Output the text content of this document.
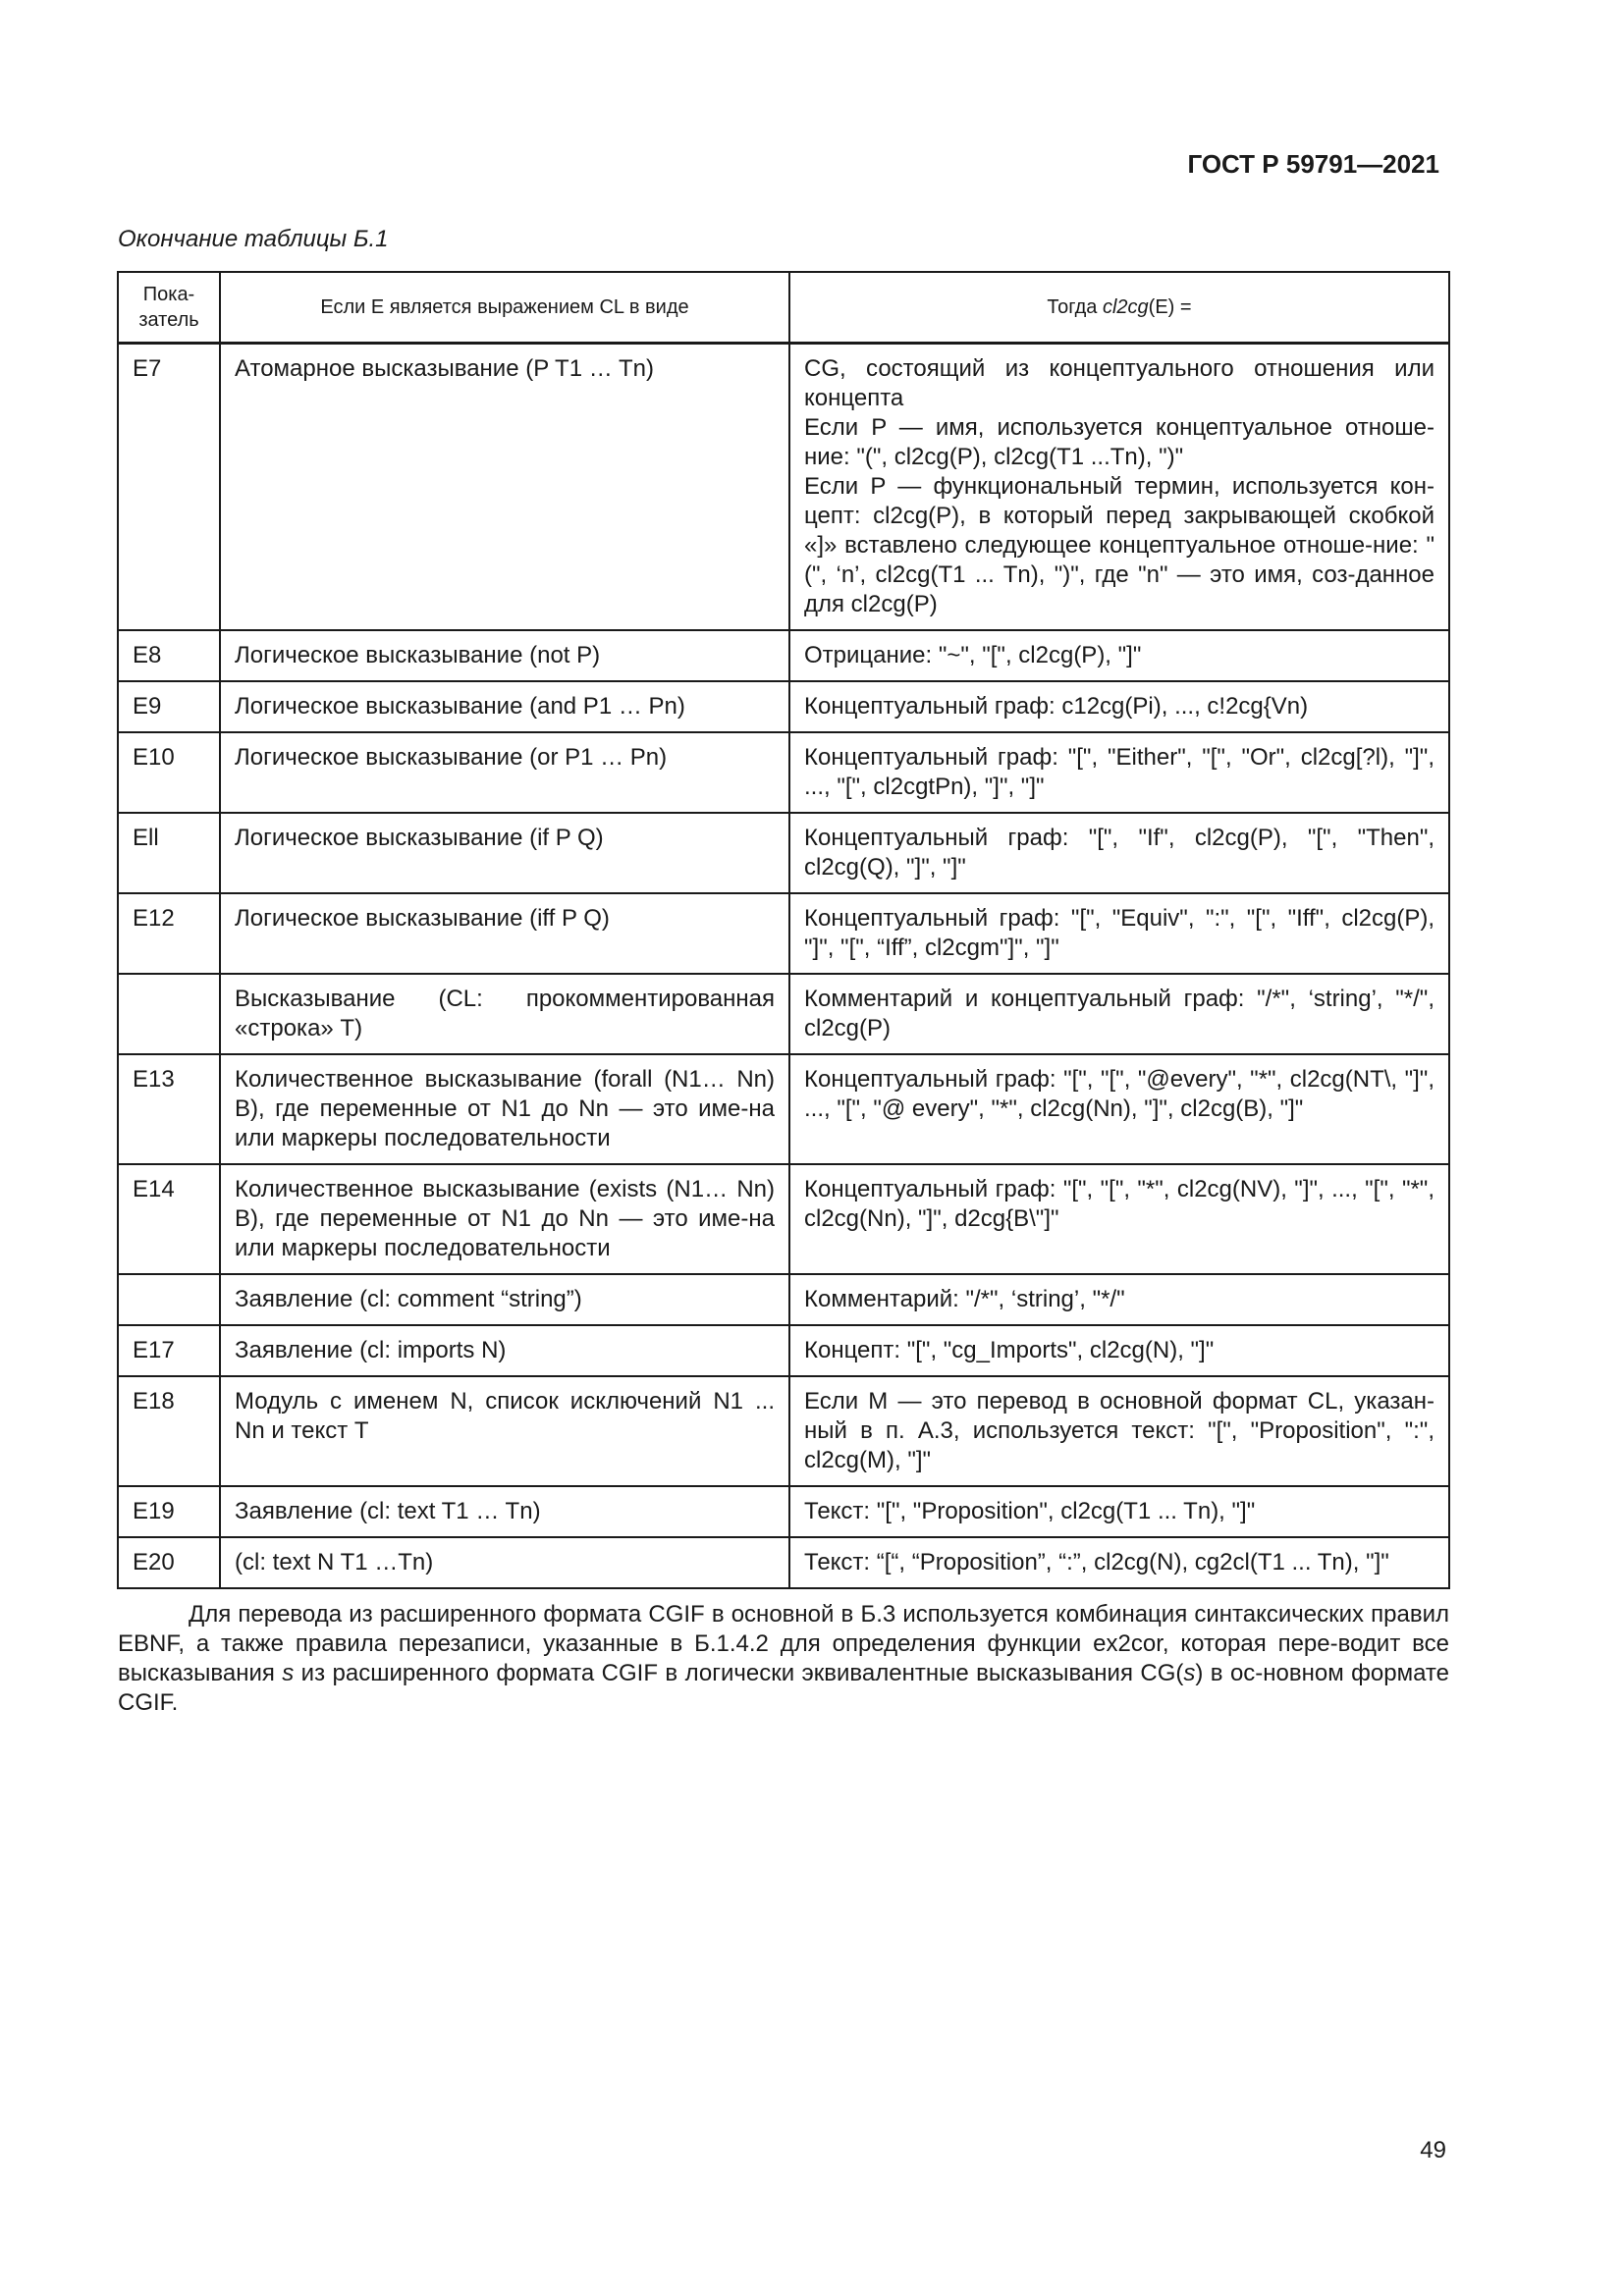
ГОСТ Р 59791—2021
Окончание таблицы Б.1
Пока-
затель	Если E является выражением CL в виде	Тогда cl2cg(E) =
E7	Атомарное высказывание (P T1 … Tn)	CG, состоящий из концептуального отношения или концепта
Если P — имя, используется концептуальное отноше-ние: "(", cl2cg(P), cl2cg(T1 ...Tn), ")"
Если P — функциональный термин, используется кон-цепт: cl2cg(P), в который перед закрывающей скобкой «]» вставлено следующее концептуальное отноше-ние: "(", ‘n’, cl2cg(T1 ... Tn), ")", где "n" — это имя, соз-данное для cl2cg(P)

E8	Логическое высказывание (not P)	Отрицание: "~", "[", cl2cg(P), "]"

E9	Логическое высказывание (and P1 … Pn)	Концептуальный граф: c12cg(Pi), ..., c!2cg{Vn)

E10	Логическое высказывание (or P1 … Pn)	Концептуальный граф: "[", "Either", "[", "Or", cl2cg[?l), "]", ..., "[", cl2cgtPn), "]", "]"

Ell	Логическое высказывание (if P Q)	Концептуальный граф: "[", "If", cl2cg(P), "[", "Then", cl2cg(Q), "]", "]"

E12	Логическое высказывание (iff P Q)	Концептуальный граф: "[", "Equiv", ":", "[", "Iff", cl2cg(P), "]", "[", “Iff”, cl2cgm"]", "]"

	Высказывание (CL: прокомментированная «строка» T)	Комментарий и концептуальный граф: "/*", ‘string’, "*/", cl2cg(P)

E13	Количественное высказывание (forall (N1… Nn) B), где переменные от N1 до Nn — это име-на или маркеры последовательности	Концептуальный граф: "[", "[", "@every", "*", cl2cg(NT\, "]", ..., "[", "@ every", "*", cl2cg(Nn), "]", cl2cg(B), "]"

E14	Количественное высказывание (exists (N1… Nn) B), где переменные от N1 до Nn — это име-на или маркеры последовательности	Концептуальный граф: "[", "[", "*", cl2cg(NV), "]", ..., "[", "*", cl2cg(Nn), "]", d2cg{B\"]"

	Заявление (cl: comment “string”)	Комментарий: "/*", ‘string’, "*/"

E17	Заявление (cl: imports N)	Концепт: "[", "cg_Imports", cl2cg(N), "]"

E18	Модуль с именем N, список исключений N1 ... Nn и текст T	Если M — это перевод в основной формат CL, указан-ный в п. А.3, используется текст: "[", "Proposition", ":", cl2cg(M), "]"

E19	Заявление (cl: text T1 … Tn)	Текст: "[", "Proposition", cl2cg(T1 ... Tn), "]"

E20	(cl: text N T1 …Tn)	Текст: “[“, “Proposition”, “:”, cl2cg(N), cg2cl(T1 ... Tn), "]"
Для перевода из расширенного формата CGIF в основной в Б.3 используется комбинация синтаксических правил EBNF, а также правила перезаписи, указанные в Б.1.4.2 для определения функции ex2cor, которая пере-водит все высказывания s из расширенного формата CGIF в логически эквивалентные высказывания CG(s) в ос-новном формате CGIF.
49
